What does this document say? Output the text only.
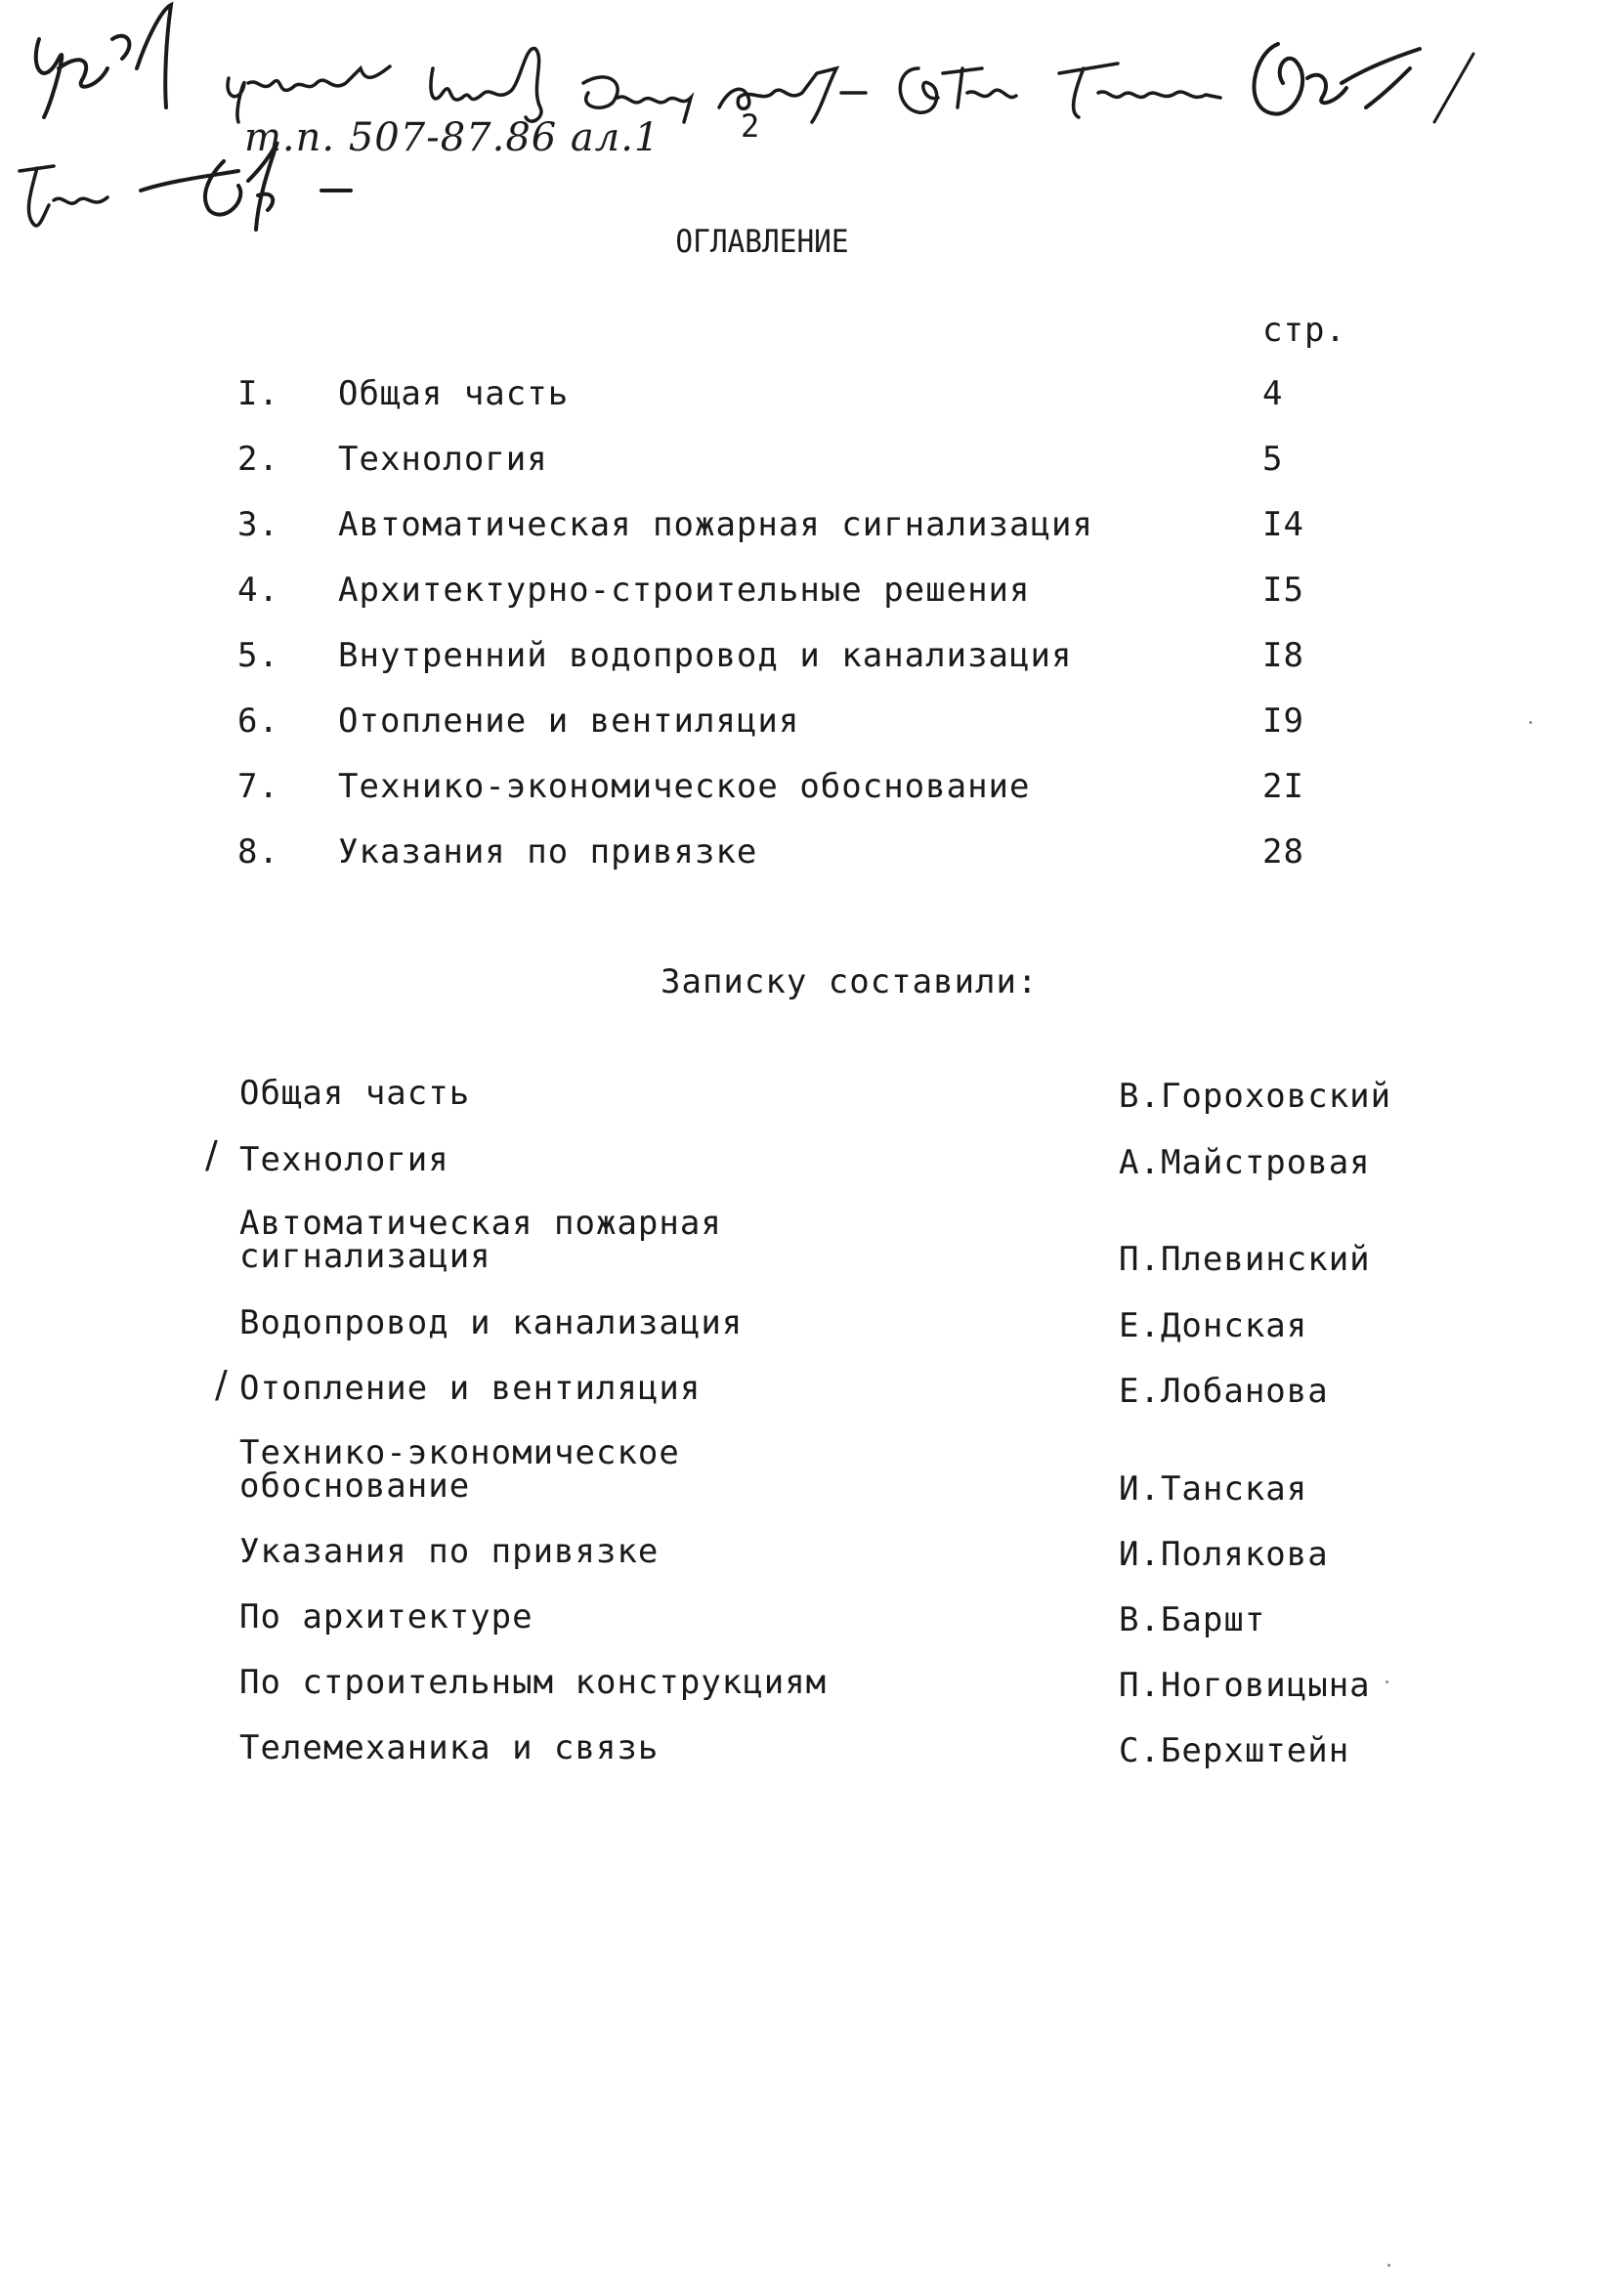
т.п. 507-87.86 ал.1	2
ОГЛАВЛЕНИЕ
стр.
I.	Общая часть	4
2.	Технология	5
3.	Автоматическая пожарная сигнализация	I4
4.	Архитектурно-строительные решения	I5
5.	Внутренний водопровод и канализация	I8
6.	Отопление и вентиляция	I9
7.	Технико-экономическое обоснование	2I
8.	Указания по привязке	28
Записку составили:
Общая часть	В.Гороховский

/ Технология	А.Майстровая

Автоматическая пожарная
сигнализация	П.Плевинский

Водопровод и канализация	Е.Донская

/ Отопление и вентиляция	Е.Лобанова

Технико-экономическое
обоснование	И.Танская

Указания по привязке	И.Полякова

По архитектуре	В.Баршт

По строительным конструкциям	П.Ноговицына

Телемеханика и связь	С.Берхштейн
